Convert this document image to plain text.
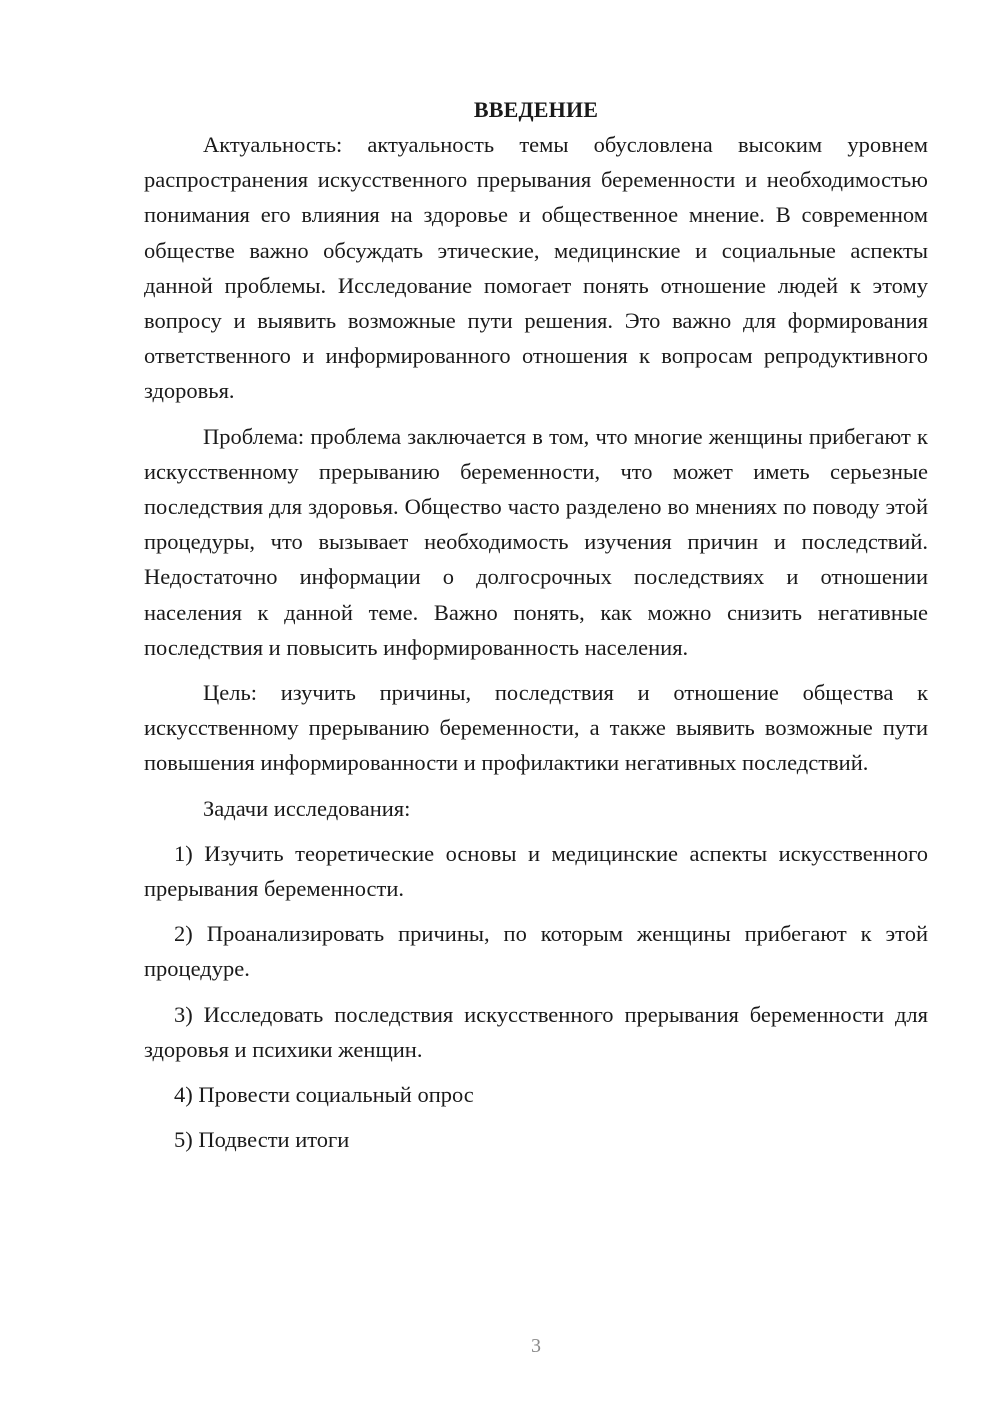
ВВЕДЕНИЕ

Актуальность: актуальность темы обусловлена высоким уровнем распространения искусственного прерывания беременности и необходимостью понимания его влияния на здоровье и общественное мнение. В современном обществе важно обсуждать этические, медицинские и социальные аспекты данной проблемы. Исследование помогает понять отношение людей к этому вопросу и выявить возможные пути решения. Это важно для формирования ответственного и информированного отношения к вопросам репродуктивного здоровья.

Проблема: проблема заключается в том, что многие женщины прибегают к искусственному прерыванию беременности, что может иметь серьезные последствия для здоровья. Общество часто разделено во мнениях по поводу этой процедуры, что вызывает необходимость изучения причин и последствий. Недостаточно информации о долгосрочных последствиях и отношении населения к данной теме. Важно понять, как можно снизить негативные последствия и повысить информированность населения.

Цель: изучить причины, последствия и отношение общества к искусственному прерыванию беременности, а также выявить возможные пути повышения информированности и профилактики негативных последствий.

Задачи исследования:

1) Изучить теоретические основы и медицинские аспекты искусственного прерывания беременности.

2) Проанализировать причины, по которым женщины прибегают к этой процедуре.

3) Исследовать последствия искусственного прерывания беременности для здоровья и психики женщин.

4) Провести социальный опрос

5) Подвести итоги

3
